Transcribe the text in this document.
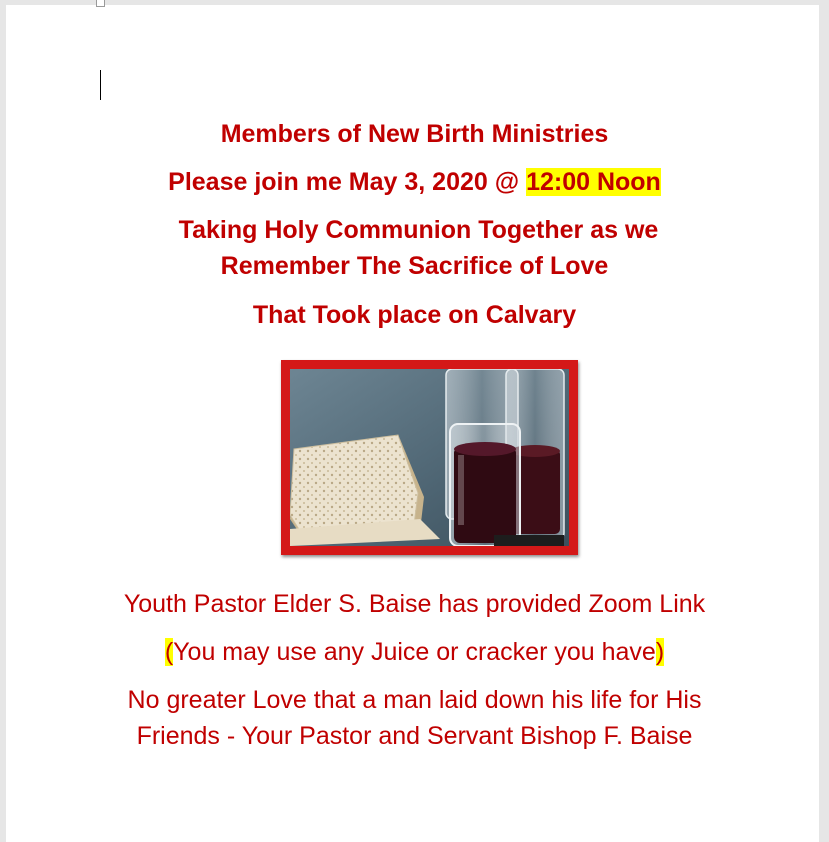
Members of New Birth Ministries
Please join me May 3, 2020 @ 12:00 Noon
Taking Holy Communion Together as we
Remember The Sacrifice of Love
That Took place on Calvary
Youth Pastor Elder S. Baise has provided Zoom Link
(You may use any Juice or cracker you have)
No greater Love that a man laid down his life for His
Friends - Your Pastor and Servant Bishop F. Baise
